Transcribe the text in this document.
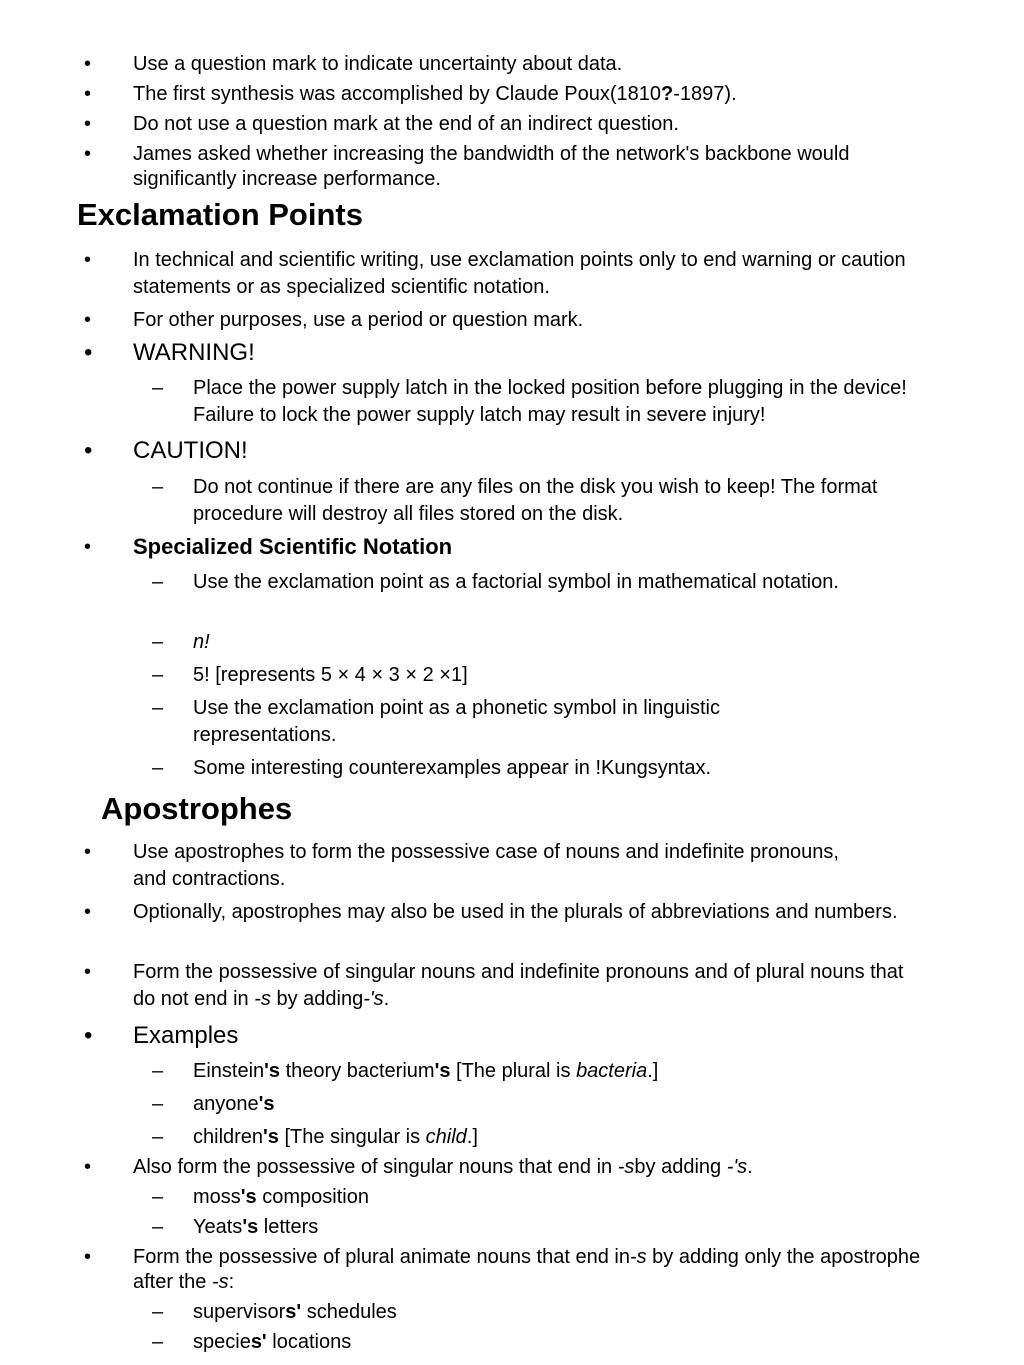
• Use a question mark to indicate uncertainty about data.

• The first synthesis was accomplished by Claude Poux(1810?-1897).

• Do not use a question mark at the end of an indirect question.

• James asked whether increasing the bandwidth of the network's backbone would significantly increase performance.

Exclamation Points
• In technical and scientific writing, use exclamation points only to end warning or caution statements or as specialized scientific notation.

• For other purposes, use a period or question mark.

• WARNING!

– Place the power supply latch in the locked position before plugging in the device! Failure to lock the power supply latch may result in severe injury!

• CAUTION!

– Do not continue if there are any files on the disk you wish to keep! The format procedure will destroy all files stored on the disk.

• Specialized Scientific Notation

– Use the exclamation point as a factorial symbol in mathematical notation.

– n!

– 5! [represents 5 × 4 × 3 × 2 ×1]

– Use the exclamation point as a phonetic symbol in linguistic representations.

– Some interesting counterexamples appear in !Kungsyntax.

Apostrophes
• Use apostrophes to form the possessive case of nouns and indefinite pronouns, and contractions.

• Optionally, apostrophes may also be used in the plurals of abbreviations and numbers.

• Form the possessive of singular nouns and indefinite pronouns and of plural nouns that do not end in -s by adding-'s.

• Examples

– Einstein's theory bacterium's [The plural is bacteria.]

– anyone's

– children's [The singular is child.]

• Also form the possessive of singular nouns that end in -sby adding -'s.

– moss's composition

– Yeats's letters

• Form the possessive of plural animate nouns that end in-s by adding only the apostrophe after the -s:

– supervisors' schedules

– species' locations
